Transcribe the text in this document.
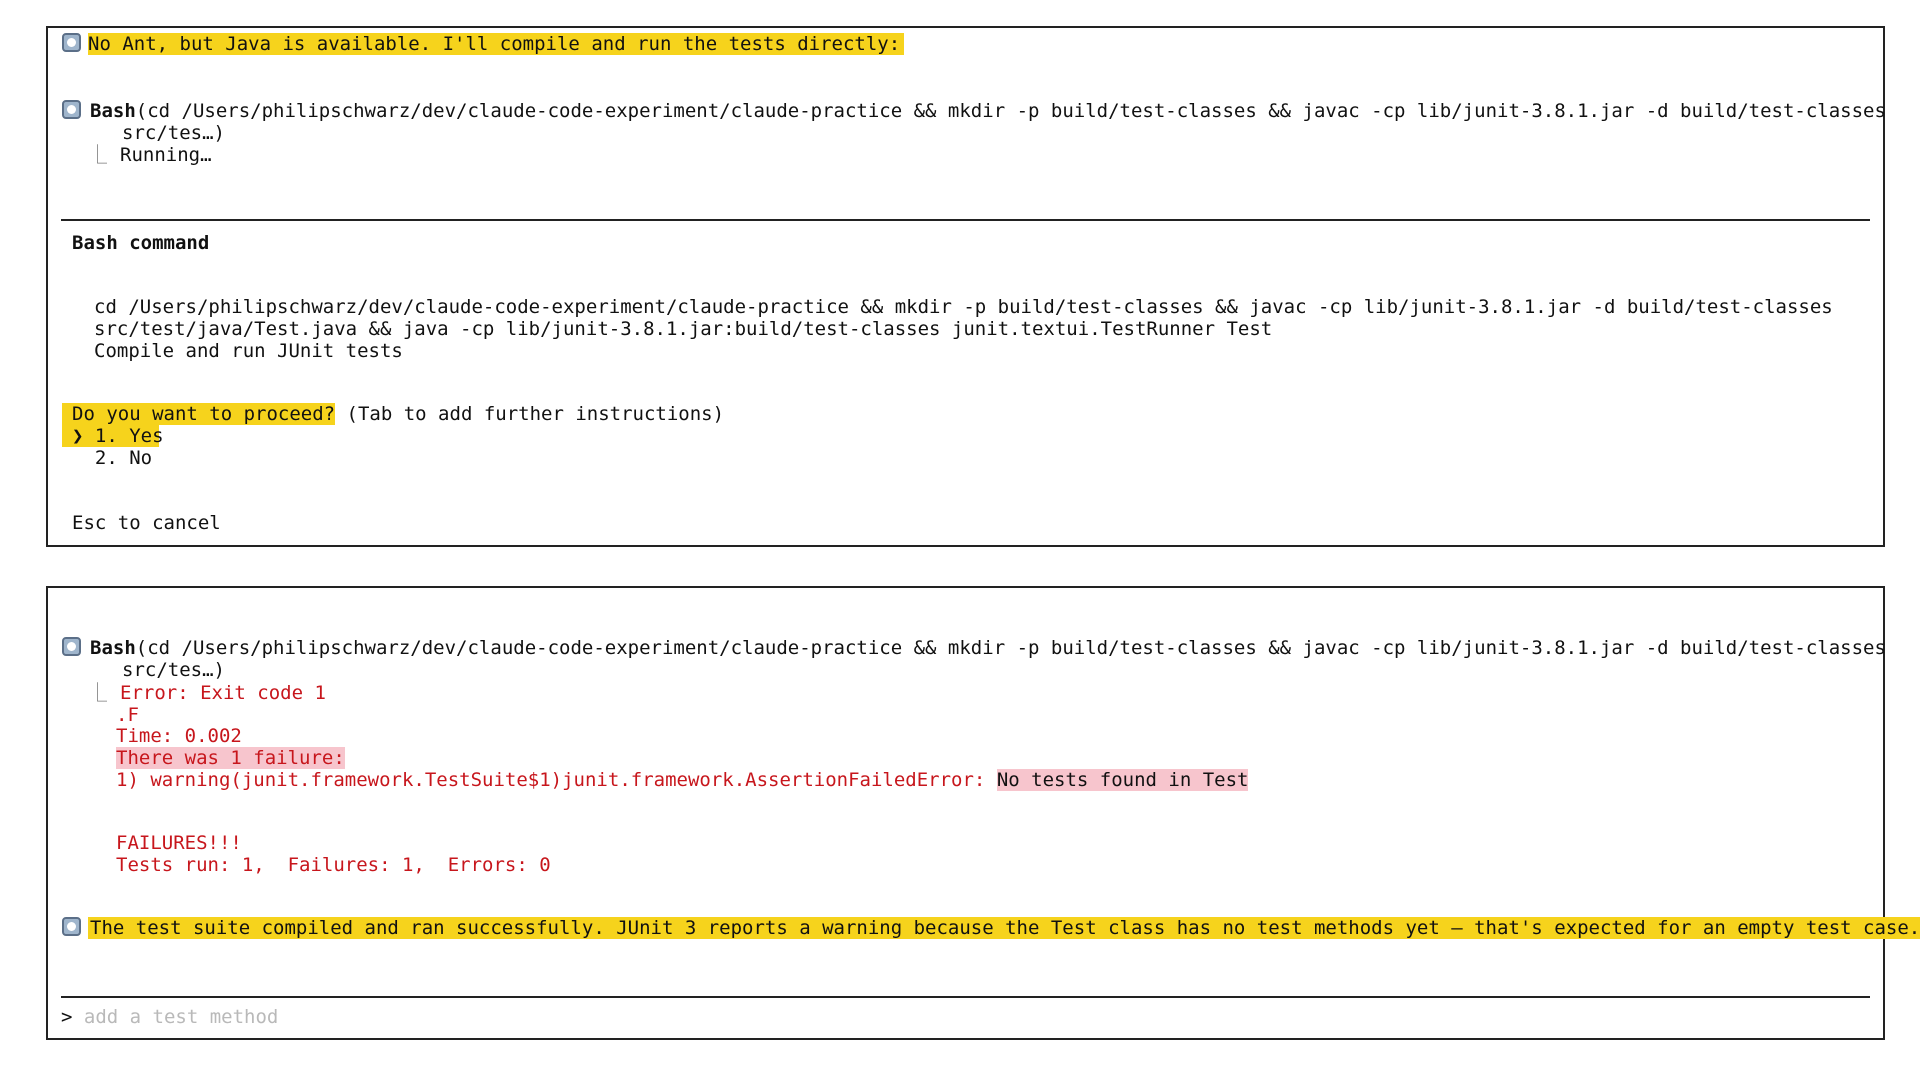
No Ant, but Java is available. I'll compile and run the tests directly:
Bash(cd /Users/philipschwarz/dev/claude-code-experiment/claude-practice && mkdir -p build/test-classes && javac -cp lib/junit-3.8.1.jar -d build/test-classes
src/tes…)
⎿ Running…
Bash command
cd /Users/philipschwarz/dev/claude-code-experiment/claude-practice && mkdir -p build/test-classes && javac -cp lib/junit-3.8.1.jar -d build/test-classes
src/test/java/Test.java && java -cp lib/junit-3.8.1.jar:build/test-classes junit.textui.TestRunner Test
Compile and run JUnit tests
Do you want to proceed? (Tab to add further instructions)
❯ 1. Yes
2. No
Esc to cancel
Bash(cd /Users/philipschwarz/dev/claude-code-experiment/claude-practice && mkdir -p build/test-classes && javac -cp lib/junit-3.8.1.jar -d build/test-classes
src/tes…)
⎿ Error: Exit code 1
.F
Time: 0.002
There was 1 failure:
1) warning(junit.framework.TestSuite$1)junit.framework.AssertionFailedError: No tests found in Test
FAILURES!!!
Tests run: 1,  Failures: 1,  Errors: 0
The test suite compiled and ran successfully. JUnit 3 reports a warning because the Test class has no test methods yet — that's expected for an empty test case.
> add a test method
